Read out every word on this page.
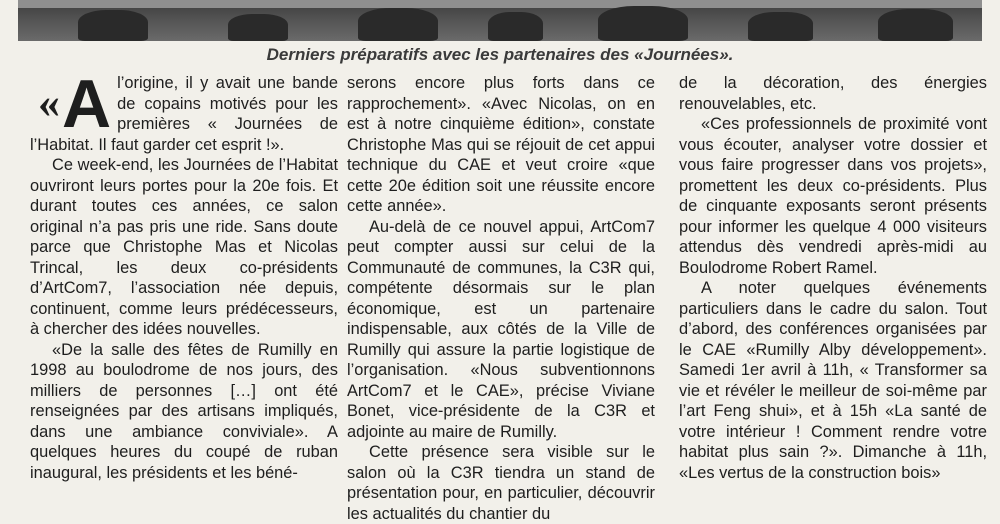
Derniers préparatifs avec les partenaires des «Journées».
« A l’origine, il y avait une bande de copains motivés pour les premières « Journées de l’Habitat. Il faut garder cet esprit !».

Ce week-end, les Journées de l’Habitat ouvriront leurs portes pour la 20e fois. Et durant toutes ces années, ce salon original n’a pas pris une ride. Sans doute parce que Christophe Mas et Nicolas Trincal, les deux co-présidents d’ArtCom7, l’association née depuis, continuent, comme leurs prédécesseurs, à chercher des idées nouvelles.

«De la salle des fêtes de Rumilly en 1998 au boulodrome de nos jours, des milliers de personnes […] ont été renseignées par des artisans impliqués, dans une ambiance conviviale». A quelques heures du coupé de ruban inaugural, les présidents et les béné-

serons encore plus forts dans ce rapprochement». «Avec Nicolas, on en est à notre cinquième édition», constate Christophe Mas qui se réjouit de cet appui technique du CAE et veut croire «que cette 20e édition soit une réussite encore cette année».

Au-delà de ce nouvel appui, ArtCom7 peut compter aussi sur celui de la Communauté de communes, la C3R qui, compétente désormais sur le plan économique, est un partenaire indispensable, aux côtés de la Ville de Rumilly qui assure la partie logistique de l’organisation. «Nous subventionnons ArtCom7 et le CAE», précise Viviane Bonet, vice-présidente de la C3R et adjointe au maire de Rumilly.

Cette présence sera visible sur le salon où la C3R tiendra un stand de présentation pour, en particulier, découvrir les actualités du chantier du

de la décoration, des énergies renouvelables, etc.

«Ces professionnels de proximité vont vous écouter, analyser votre dossier et vous faire progresser dans vos projets», promettent les deux co-présidents. Plus de cinquante exposants seront présents pour informer les quelque 4 000 visiteurs attendus dès vendredi après-midi au Boulodrome Robert Ramel.

A noter quelques événements particuliers dans le cadre du salon. Tout d’abord, des conférences organisées par le CAE «Rumilly Alby développement». Samedi 1er avril à 11h, « Transformer sa vie et révéler le meilleur de soi-même par l’art Feng shui», et à 15h «La santé de votre intérieur ! Comment rendre votre habitat plus sain ?». Dimanche à 11h, «Les vertus de la construction bois»
